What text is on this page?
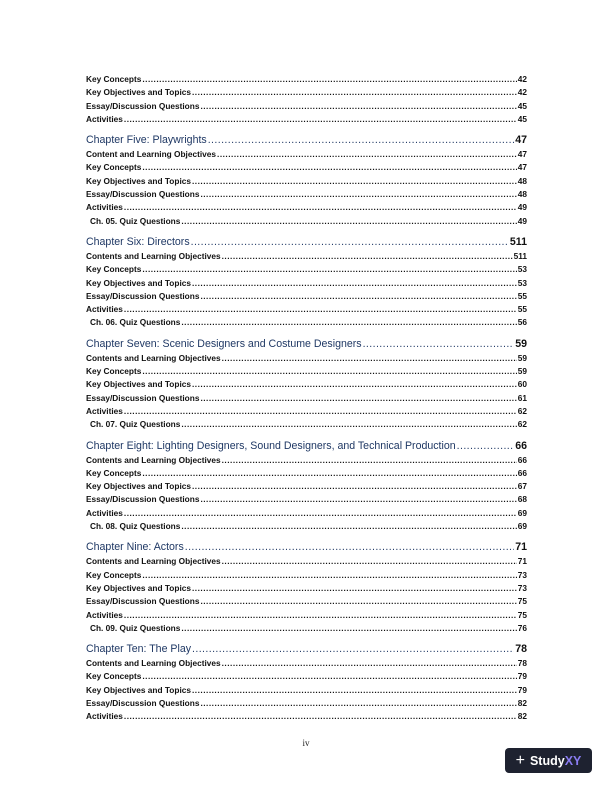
Key Concepts .....	42
Key Objectives and Topics .....	42
Essay/Discussion Questions .....	45
Activities .....	45
Chapter Five: Playwrights .....	47
Content and Learning Objectives .....	47
Key Concepts .....	47
Key Objectives and Topics .....	48
Essay/Discussion Questions .....	48
Activities .....	49
Ch. 05. Quiz Questions .....	49
Chapter Six: Directors .....	511
Contents and Learning Objectives .....	511
Key Concepts .....	53
Key Objectives and Topics .....	53
Essay/Discussion Questions .....	55
Activities .....	55
Ch. 06. Quiz Questions .....	56
Chapter Seven: Scenic Designers and Costume Designers .....	59
Contents and Learning Objectives .....	59
Key Concepts .....	59
Key Objectives and Topics .....	60
Essay/Discussion Questions .....	61
Activities .....	62
Ch. 07. Quiz Questions .....	62
Chapter Eight: Lighting Designers, Sound Designers, and Technical Production .....	66
Contents and Learning Objectives .....	66
Key Concepts .....	66
Key Objectives and Topics .....	67
Essay/Discussion Questions .....	68
Activities .....	69
Ch. 08. Quiz Questions .....	69
Chapter Nine: Actors .....	71
Contents and Learning Objectives .....	71
Key Concepts .....	73
Key Objectives and Topics .....	73
Essay/Discussion Questions .....	75
Activities .....	75
Ch. 09. Quiz Questions .....	76
Chapter Ten: The Play .....	78
Contents and Learning Objectives .....	78
Key Concepts .....	79
Key Objectives and Topics .....	79
Essay/Discussion Questions .....	82
Activities .....	82
iv
+ Study XY
